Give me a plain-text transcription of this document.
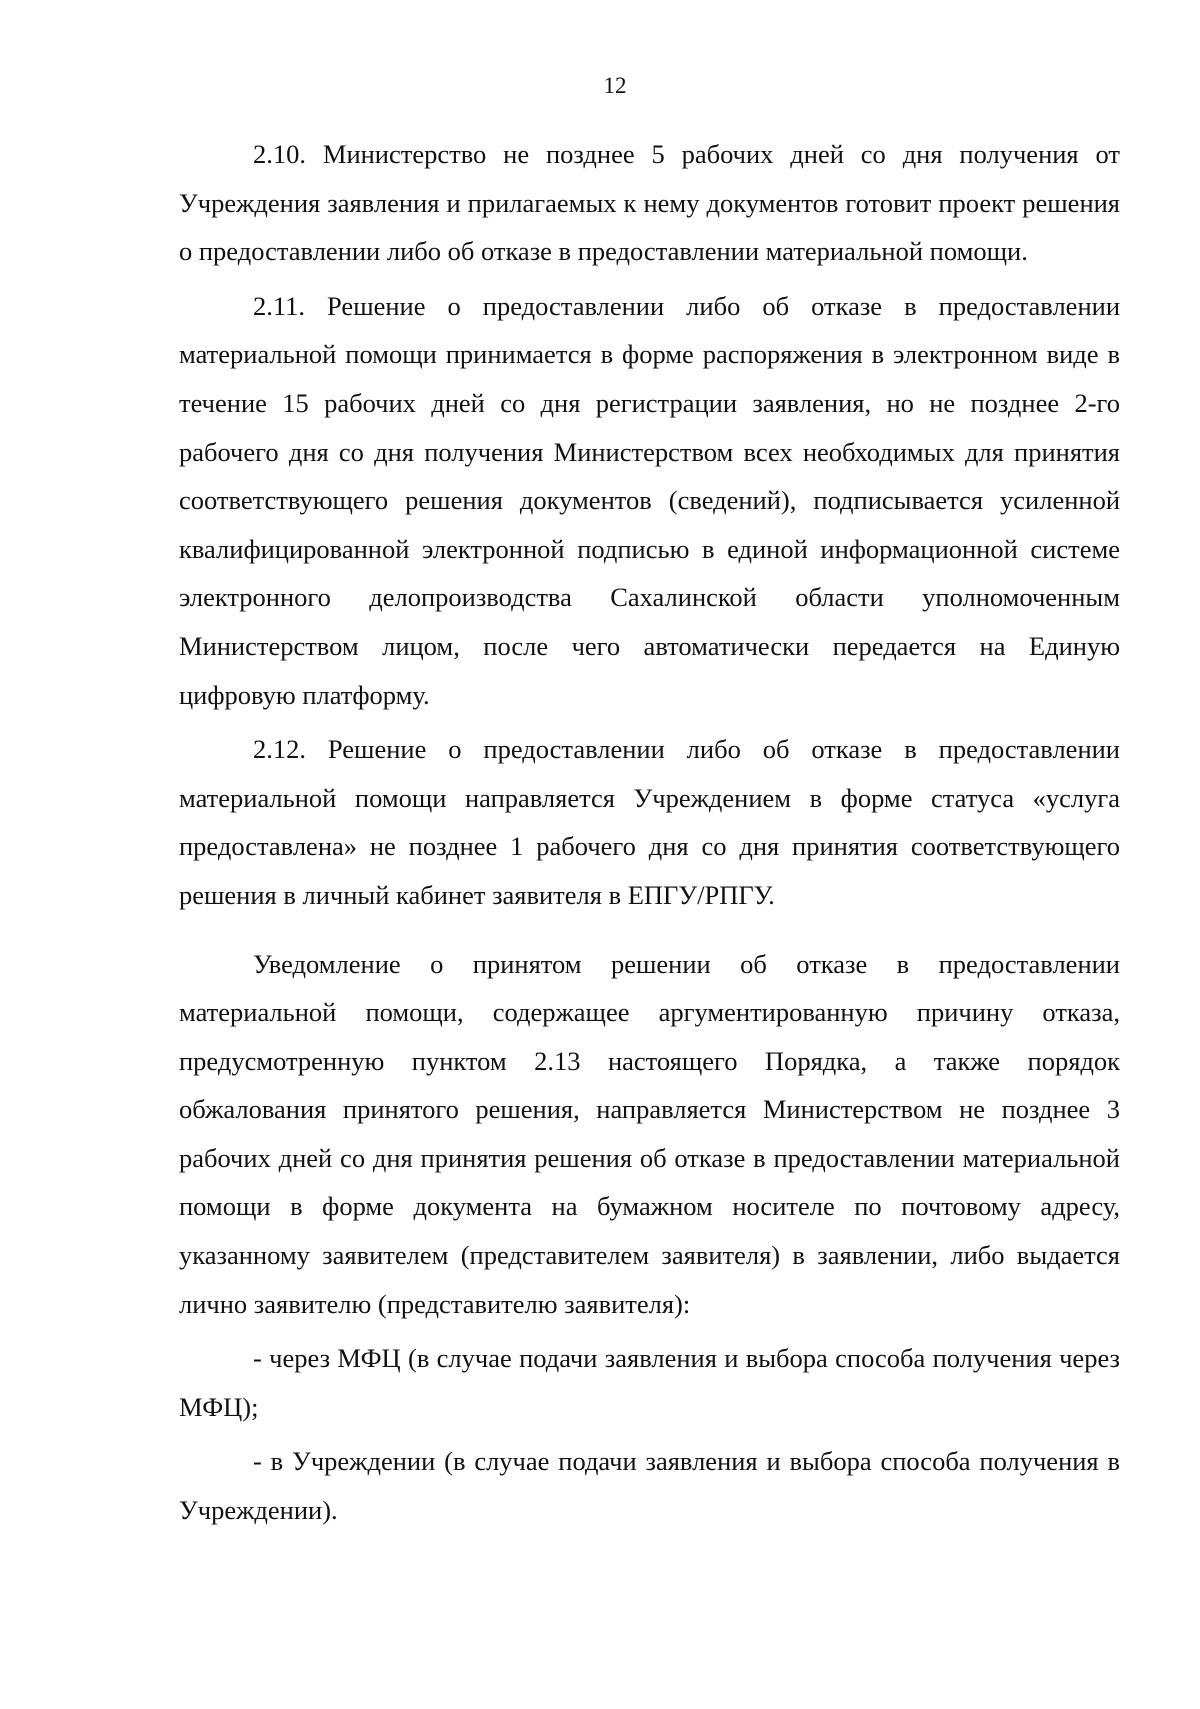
12

2.10. Министерство не позднее 5 рабочих дней со дня получения от Учреждения заявления и прилагаемых к нему документов готовит проект решения о предоставлении либо об отказе в предоставлении материальной помощи.

2.11. Решение о предоставлении либо об отказе в предоставлении материальной помощи принимается в форме распоряжения в электронном виде в течение 15 рабочих дней со дня регистрации заявления, но не позднее 2-го рабочего дня со дня получения Министерством всех необходимых для принятия соответствующего решения документов (сведений), подписывается усиленной квалифицированной электронной подписью в единой информационной системе электронного делопроизводства Сахалинской области уполномоченным Министерством лицом, после чего автоматически передается на Единую цифровую платформу.

2.12. Решение о предоставлении либо об отказе в предоставлении материальной помощи направляется Учреждением в форме статуса «услуга предоставлена» не позднее 1 рабочего дня со дня принятия соответствующего решения в личный кабинет заявителя в ЕПГУ/РПГУ.

Уведомление о принятом решении об отказе в предоставлении материальной помощи, содержащее аргументированную причину отказа, предусмотренную пунктом 2.13 настоящего Порядка, а также порядок обжалования принятого решения, направляется Министерством не позднее 3 рабочих дней со дня принятия решения об отказе в предоставлении материальной помощи в форме документа на бумажном носителе по почтовому адресу, указанному заявителем (представителем заявителя) в заявлении, либо выдается лично заявителю (представителю заявителя):

- через МФЦ (в случае подачи заявления и выбора способа получения через МФЦ);

- в Учреждении (в случае подачи заявления и выбора способа получения в Учреждении).
